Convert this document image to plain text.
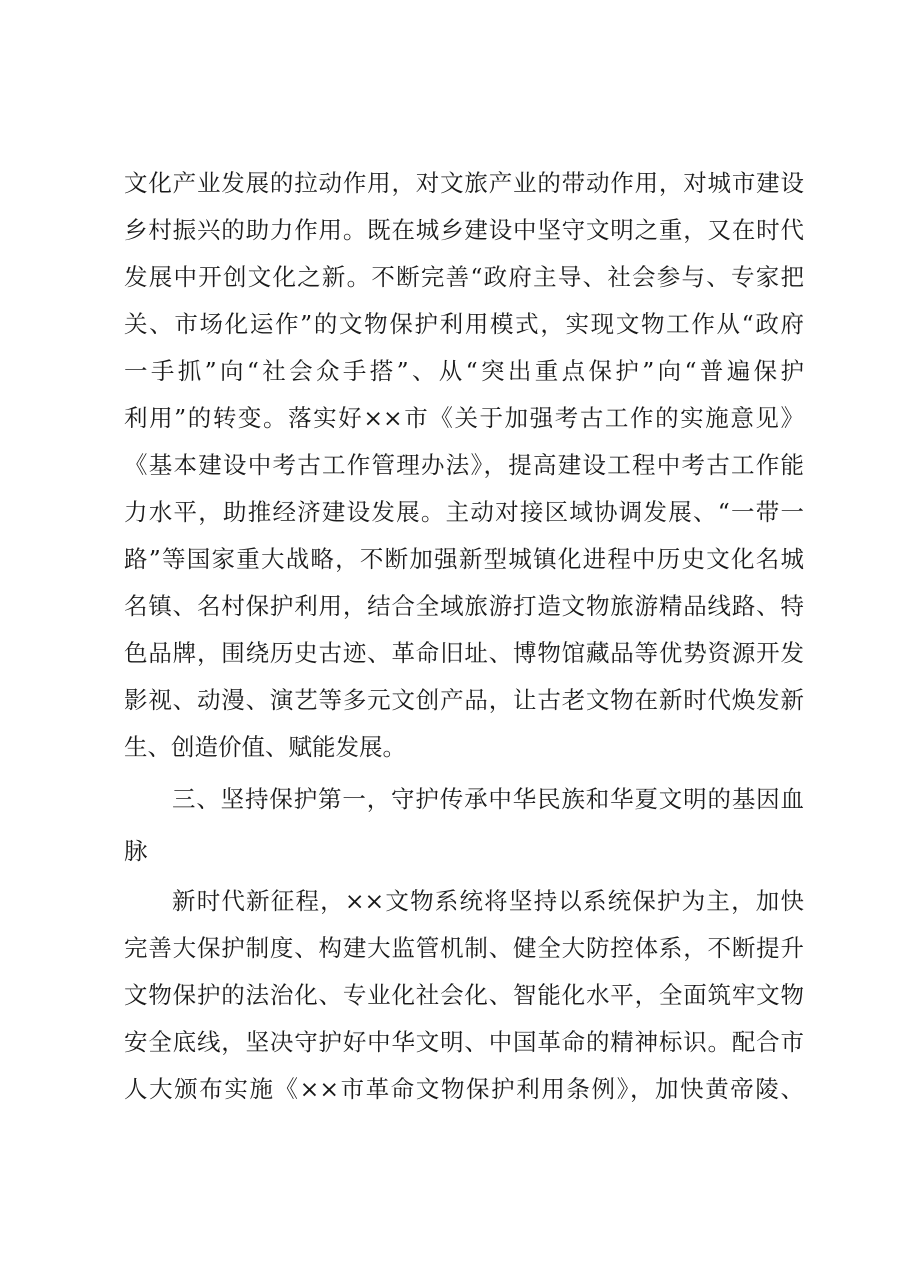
文化产业发展的拉动作用，对文旅产业的带动作用，对城市建设
乡村振兴的助力作用。既在城乡建设中坚守文明之重，又在时代
发展中开创文化之新。不断完善“政府主导、社会参与、专家把
关、市场化运作”的文物保护利用模式，实现文物工作从“政府
一手抓”向“社会众手搭”、从“突出重点保护”向“普遍保护
利用”的转变。落实好××市《关于加强考古工作的实施意见》
《基本建设中考古工作管理办法》，提高建设工程中考古工作能
力水平，助推经济建设发展。主动对接区域协调发展、“一带一
路”等国家重大战略，不断加强新型城镇化进程中历史文化名城
名镇、名村保护利用，结合全域旅游打造文物旅游精品线路、特
色品牌，围绕历史古迹、革命旧址、博物馆藏品等优势资源开发
影视、动漫、演艺等多元文创产品，让古老文物在新时代焕发新
生、创造价值、赋能发展。
三、坚持保护第一，守护传承中华民族和华夏文明的基因血
脉
新时代新征程，××文物系统将坚持以系统保护为主，加快
完善大保护制度、构建大监管机制、健全大防控体系，不断提升
文物保护的法治化、专业化社会化、智能化水平，全面筑牢文物
安全底线，坚决守护好中华文明、中国革命的精神标识。配合市
人大颁布实施《××市革命文物保护利用条例》，加快黄帝陵、
